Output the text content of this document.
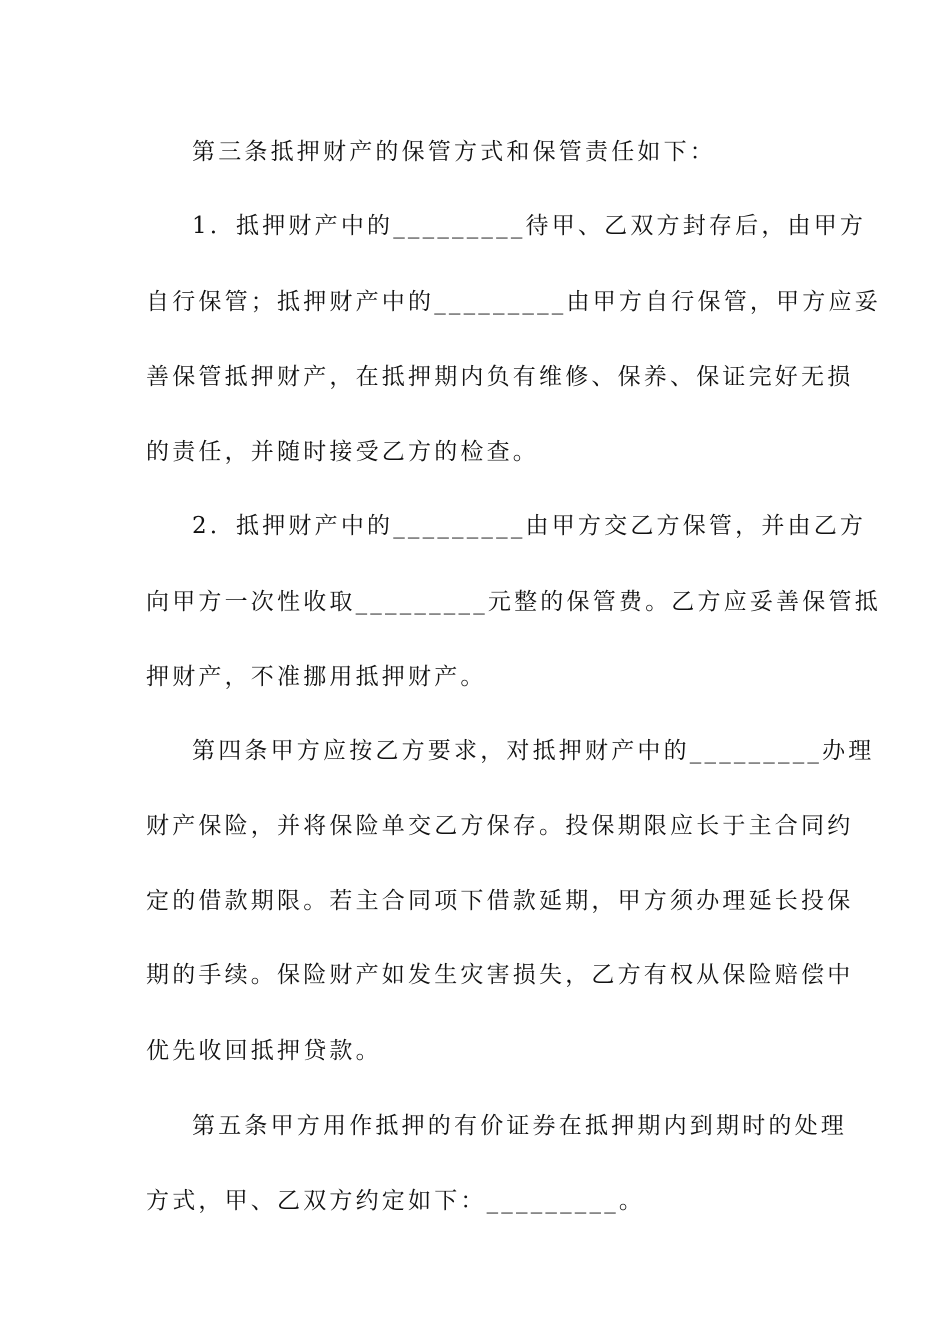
第三条抵押财产的保管方式和保管责任如下：
1．抵押财产中的_________待甲、乙双方封存后，由甲方
自行保管；抵押财产中的_________由甲方自行保管，甲方应妥
善保管抵押财产，在抵押期内负有维修、保养、保证完好无损
的责任，并随时接受乙方的检查。
2．抵押财产中的_________由甲方交乙方保管，并由乙方
向甲方一次性收取_________元整的保管费。乙方应妥善保管抵
押财产，不准挪用抵押财产。
第四条甲方应按乙方要求，对抵押财产中的_________办理
财产保险，并将保险单交乙方保存。投保期限应长于主合同约
定的借款期限。若主合同项下借款延期，甲方须办理延长投保
期的手续。保险财产如发生灾害损失，乙方有权从保险赔偿中
优先收回抵押贷款。
第五条甲方用作抵押的有价证券在抵押期内到期时的处理
方式，甲、乙双方约定如下：_________。
